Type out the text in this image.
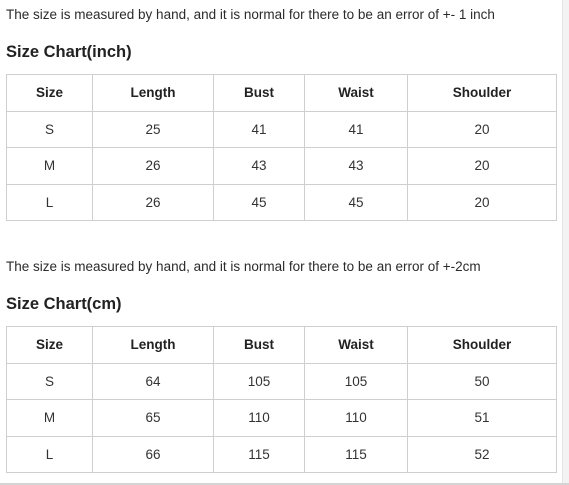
The size is measured by hand, and it is normal for there to be an error of +- 1 inch
Size Chart(inch)
Size	Length	Bust	Waist	Shoulder
S	25	41	41	20
M	26	43	43	20
L	26	45	45	20
The size is measured by hand, and it is normal for there to be an error of +-2cm
Size Chart(cm)
Size	Length	Bust	Waist	Shoulder
S	64	105	105	50
M	65	110	110	51
L	66	115	115	52
